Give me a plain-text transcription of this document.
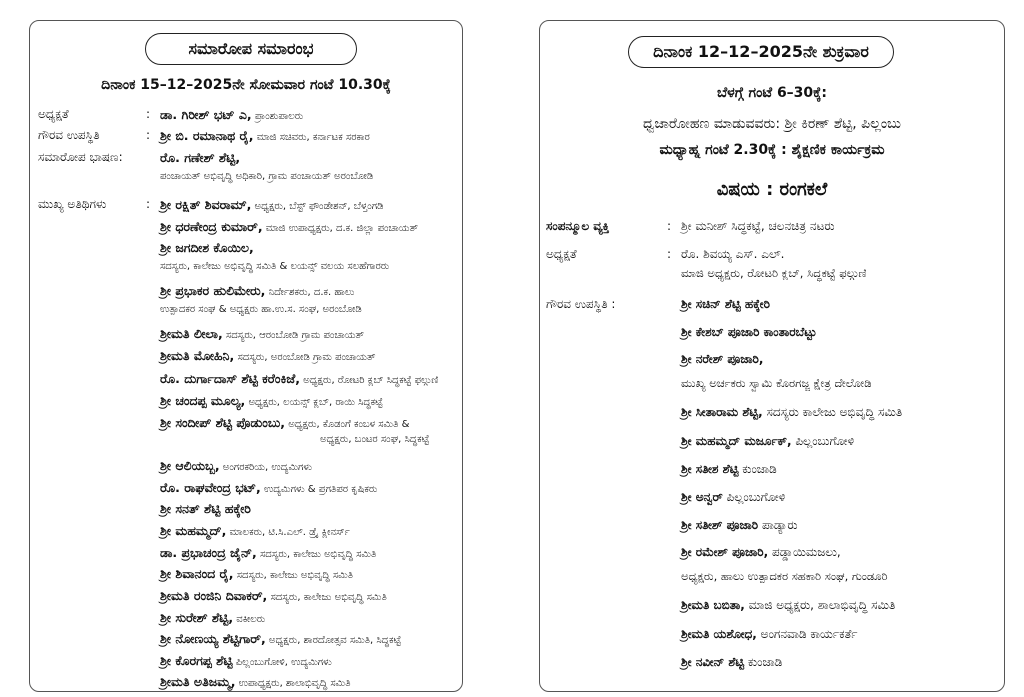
ಸಮಾರೋಪ ಸಮಾರಂಭ
ದಿನಾಂಕ 15–12–2025ನೇ ಸೋಮವಾರ ಗಂಟೆ 10.30ಕ್ಕೆ
ಅಧ್ಯಕ್ಷತೆ	: ಡಾ. ಗಿರೀಶ್ ಭಟ್ ಎ, ಪ್ರಾಂಶುಪಾಲರು
ಗೌರವ ಉಪಸ್ಥಿತಿ	: ಶ್ರೀ ಬಿ. ರಮಾನಾಥ ರೈ, ಮಾಜಿ ಸಚಿವರು, ಕರ್ನಾಟಕ ಸರಕಾರ
ಸಮಾರೋಪ ಭಾಷಣ:	ರೊ. ಗಣೇಶ್ ಶೆಟ್ಟಿ,
ಪಂಚಾಯತ್ ಅಭಿವೃದ್ಧಿ ಅಧಿಕಾರಿ, ಗ್ರಾಮ ಪಂಚಾಯತ್ ಅರಂಬೋಡಿ
ಮುಖ್ಯ ಅತಿಥಿಗಳು	: ಶ್ರೀ ರಕ್ಷಿತ್ ಶಿವರಾಮ್, ಅಧ್ಯಕ್ಷರು, ಬೆಸ್ಟ್ ಫೌಂಡೇಶನ್, ಬೆಳ್ತಂಗಡಿ
ಶ್ರೀ ಧರಣೇಂದ್ರ ಕುಮಾರ್, ಮಾಜಿ ಉಪಾಧ್ಯಕ್ಷರು, ದ.ಕ. ಜಿಲ್ಲಾ ಪಂಚಾಯತ್
ಶ್ರೀ ಜಗದೀಶ ಕೊಯಿಲ,
ಸದಸ್ಯರು, ಕಾಲೇಜು ಅಭಿವೃದ್ಧಿ ಸಮಿತಿ & ಲಯನ್ಸ್ ವಲಯ ಸಲಹೆಗಾರರು
ಶ್ರೀ ಪ್ರಭಾಕರ ಹುಲಿಮೇರು, ನಿರ್ದೇಶಕರು, ದ.ಕ. ಹಾಲು
ಉತ್ಪಾದಕರ ಸಂಘ & ಅಧ್ಯಕ್ಷರು ಹಾ.ಉ.ಸ. ಸಂಘ, ಅರಂಬೋಡಿ
ಶ್ರೀಮತಿ ಲೀಲಾ, ಸದಸ್ಯರು, ಆರಂಬೋಡಿ ಗ್ರಾಮ ಪಂಚಾಯತ್
ಶ್ರೀಮತಿ ಮೋಹಿನಿ, ಸದಸ್ಯರು, ಅರಂಬೋಡಿ ಗ್ರಾಮ ಪಂಚಾಯತ್
ರೊ. ದುರ್ಗಾದಾಸ್ ಶೆಟ್ಟಿ ಕರೆಂಕಿಜೆ, ಅಧ್ಯಕ್ಷರು, ರೋಟರಿ ಕ್ಲಬ್ ಸಿದ್ಧಕಟ್ಟೆ ಫಲ್ಗುಣಿ
ಶ್ರೀ ಚಂದಪ್ಪ ಮೂಲ್ಯ, ಅಧ್ಯಕ್ಷರು, ಲಯನ್ಸ್ ಕ್ಲಬ್, ರಾಯಿ ಸಿದ್ಧಕಟ್ಟೆ
ಶ್ರೀ ಸಂದೀಪ್ ಶೆಟ್ಟಿ ಪೊಡುಂಬು, ಅಧ್ಯಕ್ಷರು, ಕೊಡಂಗೆ ಕಂಬಳ ಸಮಿತಿ &
ಅಧ್ಯಕ್ಷರು, ಬಂಟರ ಸಂಘ, ಸಿದ್ಧಕಟ್ಟೆ
ಶ್ರೀ ಆಲಿಯಬ್ಬ, ಅಂಗರಕರಿಯ, ಉದ್ಯಮಿಗಳು
ರೊ. ರಾಘವೇಂದ್ರ ಭಟ್, ಉದ್ಯಮಿಗಳು & ಪ್ರಗತಿಪರ ಕೃಷಿಕರು
ಶ್ರೀ ಸನತ್ ಶೆಟ್ಟಿ ಹಕ್ಕೇರಿ
ಶ್ರೀ ಮಹಮ್ಮದ್, ಮಾಲಕರು, ಟಿ.ಸಿ.ಎಲ್. ಡ್ರೈ ಕ್ಲೀನರ್ಸ್
ಡಾ. ಪ್ರಭಾಚಂದ್ರ ಜೈನ್, ಸದಸ್ಯರು, ಕಾಲೇಜು ಅಭಿವೃದ್ಧಿ ಸಮಿತಿ
ಶ್ರೀ ಶಿವಾನಂದ ರೈ, ಸದಸ್ಯರು, ಕಾಲೇಜು ಅಭಿವೃದ್ಧಿ ಸಮಿತಿ
ಶ್ರೀಮತಿ ರಂಜಿನಿ ದಿವಾಕರ್, ಸದಸ್ಯರು, ಕಾಲೇಜು ಅಭಿವೃದ್ಧಿ ಸಮಿತಿ
ಶ್ರೀ ಸುರೇಶ್ ಶೆಟ್ಟಿ, ವಕೀಲರು
ಶ್ರೀ ನೋಣಯ್ಯ ಶೆಟ್ಟಿಗಾರ್, ಅಧ್ಯಕ್ಷರು, ಶಾರದೋತ್ಸವ ಸಮಿತಿ, ಸಿದ್ಧಕಟ್ಟೆ
ಶ್ರೀ ಕೊರಗಪ್ಪ ಶೆಟ್ಟಿ ಪಿಲ್ಲಂಬುಗೋಳಿ, ಉದ್ಯಮಿಗಳು
ಶ್ರೀಮತಿ ಅತಿಜಮ್ಮ, ಉಪಾಧ್ಯಕ್ಷರು, ಶಾಲಾಭಿವೃದ್ಧಿ ಸಮಿತಿ
ದಿನಾಂಕ 12–12–2025ನೇ ಶುಕ್ರವಾರ
ಬೆಳಗ್ಗೆ ಗಂಟೆ 6–30ಕ್ಕೆ:
ಧ್ವಜಾರೋಹಣ ಮಾಡುವವರು: ಶ್ರೀ ಕಿರಣ್ ಶೆಟ್ಟಿ, ಪಿಲ್ಲಂಬು
ಮಧ್ಯಾಹ್ನ ಗಂಟೆ 2.30ಕ್ಕೆ : ಶೈಕ್ಷಣಿಕ ಕಾರ್ಯಕ್ರಮ
ವಿಷಯ : ರಂಗಕಲೆ
ಸಂಪನ್ಮೂಲ ವ್ಯಕ್ತಿ	: ಶ್ರೀ ಮನೀಶ್ ಸಿದ್ಧಕಟ್ಟೆ, ಚಲನಚಿತ್ರ ನಟರು
ಅಧ್ಯಕ್ಷತೆ	: ರೊ. ಶಿವಯ್ಯ ಎಸ್. ಎಲ್.
ಮಾಜಿ ಅಧ್ಯಕ್ಷರು, ರೋಟರಿ ಕ್ಲಬ್, ಸಿದ್ಧಕಟ್ಟೆ ಫಲ್ಗುಣಿ
ಗೌರವ ಉಪಸ್ಥಿತಿ :	ಶ್ರೀ ಸಚಿನ್ ಶೆಟ್ಟಿ ಹಕ್ಕೇರಿ
ಶ್ರೀ ಕೇಶಬ್ ಪೂಜಾರಿ ಕಾಂತಾರಬೆಟ್ಟು
ಶ್ರೀ ನರೇಶ್ ಪೂಜಾರಿ,
ಮುಖ್ಯ ಅರ್ಚಕರು ಸ್ವಾಮಿ ಕೊರಗಜ್ಜ ಕ್ಷೇತ್ರ ದೇಲೋಡಿ
ಶ್ರೀ ಸೀತಾರಾಮ ಶೆಟ್ಟಿ, ಸದಸ್ಯರು ಕಾಲೇಜು ಅಭಿವೃದ್ಧಿ ಸಮಿತಿ
ಶ್ರೀ ಮಹಮ್ಮದ್ ಮರ್ಜೂಕ್, ಪಿಲ್ಲಂಬುಗೋಳಿ
ಶ್ರೀ ಸತೀಶ ಶೆಟ್ಟಿ ಕುಂಜಾಡಿ
ಶ್ರೀ ಅನ್ವರ್ ಪಿಲ್ಲಂಬುಗೋಳಿ
ಶ್ರೀ ಸತೀಶ್ ಪೂಜಾರಿ ಪಾಡ್ಯಾರು
ಶ್ರೀ ರಮೇಶ್ ಪೂಜಾರಿ, ಪಡ್ಡಾಯಿಮಜಲು,
ಅಧ್ಯಕ್ಷರು, ಹಾಲು ಉತ್ಪಾದಕರ ಸಹಕಾರಿ ಸಂಘ, ಗುಂಡೂರಿ
ಶ್ರೀಮತಿ ಬಬಿತಾ, ಮಾಜಿ ಅಧ್ಯಕ್ಷರು, ಶಾಲಾಭಿವೃದ್ಧಿ ಸಮಿತಿ
ಶ್ರೀಮತಿ ಯಶೋಧ, ಅಂಗನವಾಡಿ ಕಾರ್ಯಕರ್ತೆ
ಶ್ರೀ ನವೀನ್ ಶೆಟ್ಟಿ ಕುಂಜಾಡಿ
